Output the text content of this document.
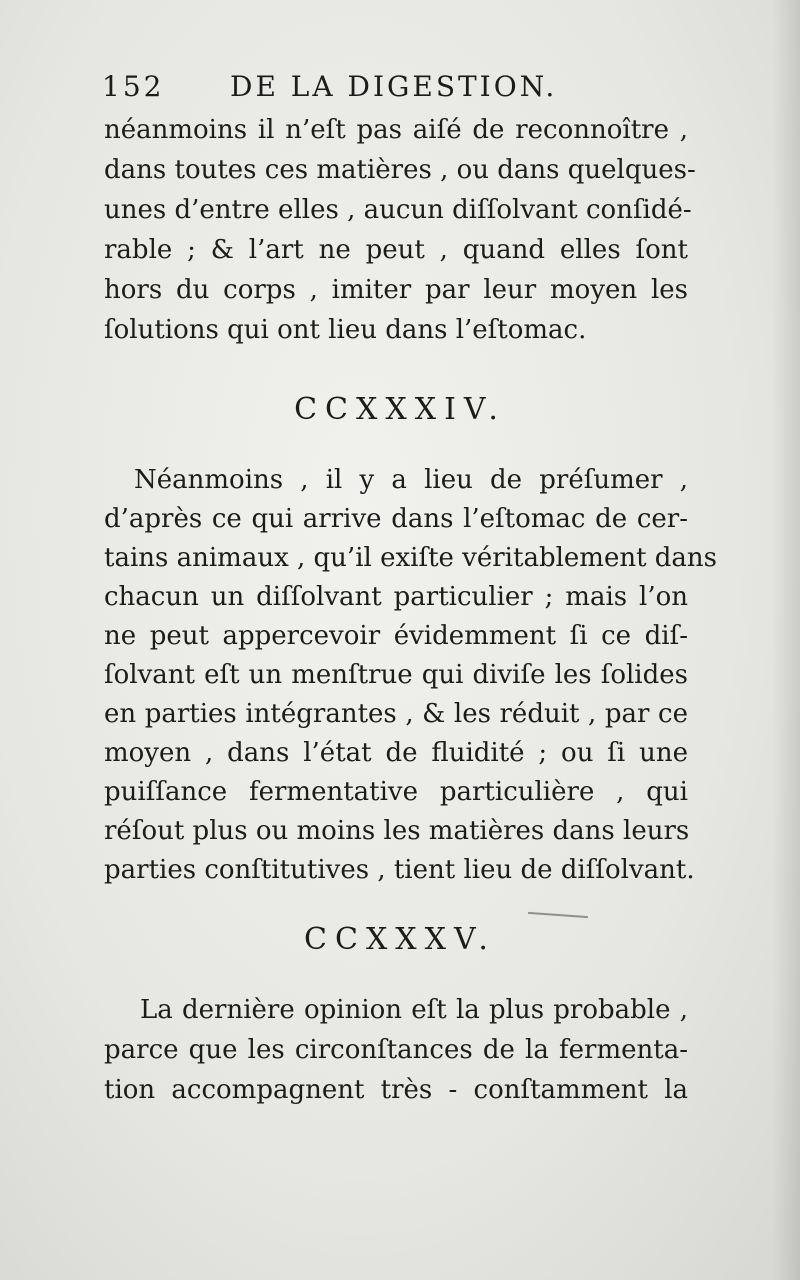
152 DE LA DIGESTION.
néanmoins il n’eſt pas aiſé de reconnoître ,
dans toutes ces matières , ou dans quelques-
unes d’entre elles , aucun diſſolvant conſidé-
rable ; & l’art ne peut , quand elles ſont
hors du corps , imiter par leur moyen les
ſolutions qui ont lieu dans l’eſtomac.
CCXXXIV.
Néanmoins , il y a lieu de préſumer ,
d’après ce qui arrive dans l’eſtomac de cer-
tains animaux , qu’il exiſte véritablement dans
chacun un diſſolvant particulier ; mais l’on
ne peut appercevoir évidemment ſi ce diſ-
ſolvant eſt un menſtrue qui diviſe les ſolides
en parties intégrantes , & les réduit , par ce
moyen , dans l’état de fluidité ; ou ſi une
puiſſance fermentative particulière , qui
réſout plus ou moins les matières dans leurs
parties conſtitutives , tient lieu de diſſolvant.
CCXXXV.
La dernière opinion eſt la plus probable ,
parce que les circonſtances de la fermenta-
tion accompagnent très - conſtamment la
